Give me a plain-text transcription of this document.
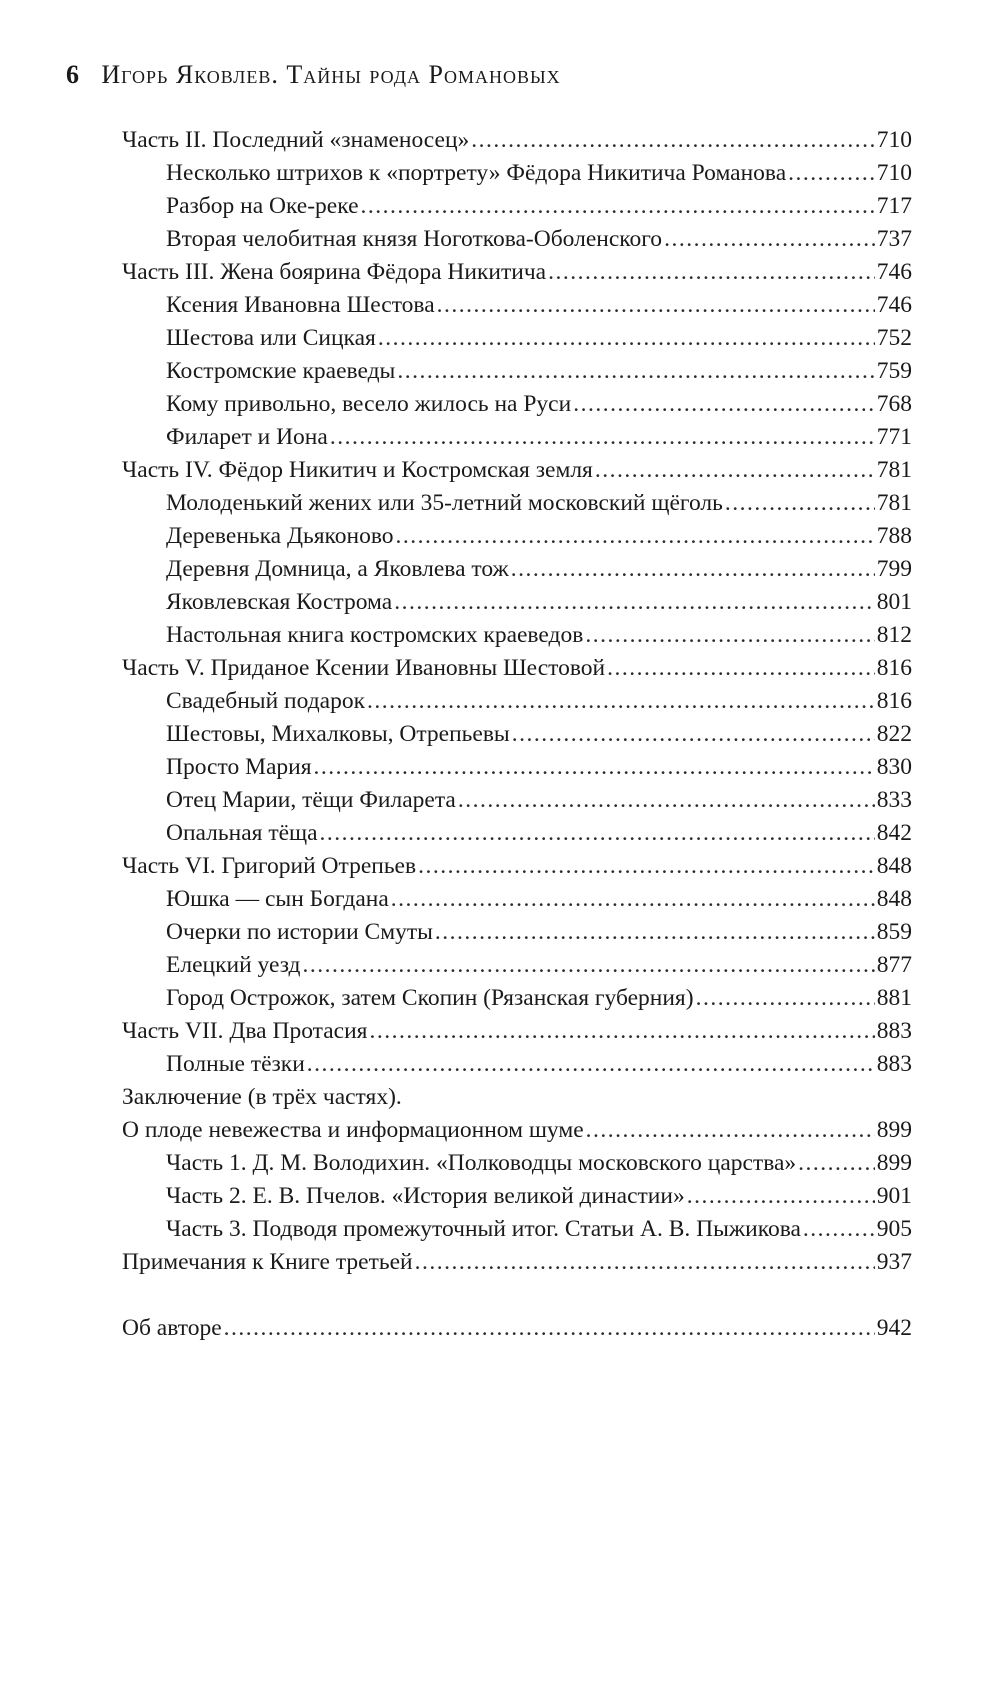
6 Игорь Яковлев. Тайны рода Романовых
Часть II. Последний «знаменосец» .....	710
Несколько штрихов к «портрету» Фёдора Никитича Романова .....	710
Разбор на Оке-реке .....	717
Вторая челобитная князя Ноготкова-Оболенского .....	737
Часть III. Жена боярина Фёдора Никитича .....	746
Ксения Ивановна Шестова .....	746
Шестова или Сицкая .....	752
Костромские краеведы .....	759
Кому привольно, весело жилось на Руси .....	768
Филарет и Иона .....	771
Часть IV. Фёдор Никитич и Костромская земля .....	781
Молоденький жених или 35-летний московский щёголь .....	781
Деревенька Дьяконово .....	788
Деревня Домница, а Яковлева тож .....	799
Яковлевская Кострома .....	801
Настольная книга костромских краеведов .....	812
Часть V. Приданое Ксении Ивановны Шестовой .....	816
Свадебный подарок .....	816
Шестовы, Михалковы, Отрепьевы .....	822
Просто Мария .....	830
Отец Марии, тёщи Филарета .....	833
Опальная тёща .....	842
Часть VI. Григорий Отрепьев .....	848
Юшка — сын Богдана .....	848
Очерки по истории Смуты .....	859
Елецкий уезд .....	877
Город Острожок, затем Скопин (Рязанская губерния) .....	881
Часть VII. Два Протасия .....	883
Полные тёзки .....	883
Заключение (в трёх частях).
О плоде невежества и информационном шуме .....	899
Часть 1. Д. М. Володихин. «Полководцы московского царства» .....	899
Часть 2. Е. В. Пчелов. «История великой династии» .....	901
Часть 3. Подводя промежуточный итог. Статьи А. В. Пыжикова .....	905
Примечания к Книге третьей .....	937
Об авторе .....	942
